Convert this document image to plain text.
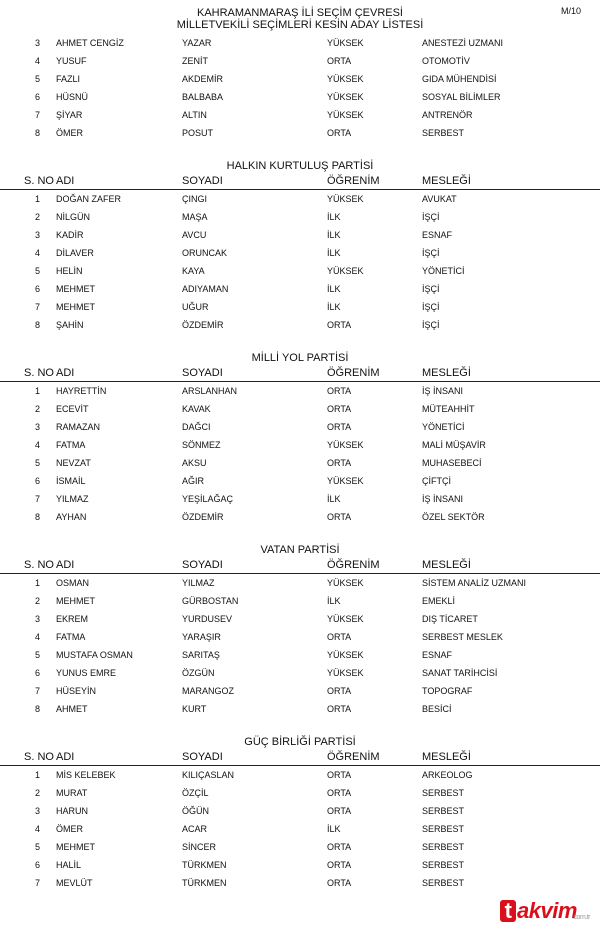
M/10
KAHRAMANMARAŞ İLİ SEÇİM ÇEVRESİ
MİLLETVEKİLİ SEÇİMLERİ KESİN ADAY LİSTESİ
3 AHMET CENGİZ	YAZAR	YÜKSEK	ANESTEZİ UZMANI
4 YUSUF	ZENİT	ORTA	OTOMOTİV
5 FAZLI	AKDEMİR	YÜKSEK	GIDA MÜHENDİSİ
6 HÜSNÜ	BALBABA	YÜKSEK	SOSYAL BİLİMLER
7 ŞİYAR	ALTIN	YÜKSEK	ANTRENÖR
8 ÖMER	POSUT	ORTA	SERBEST
HALKIN KURTULUŞ PARTİSİ
S. NO ADI	SOYADI	ÖĞRENİM	MESLEĞİ
1 DOĞAN ZAFER	ÇINGI	YÜKSEK	AVUKAT
2 NİLGÜN	MAŞA	İLK	İŞÇİ
3 KADİR	AVCU	İLK	ESNAF
4 DİLAVER	ORUNCAK	İLK	İŞÇİ
5 HELİN	KAYA	YÜKSEK	YÖNETİCİ
6 MEHMET	ADIYAMAN	İLK	İŞÇİ
7 MEHMET	UĞUR	İLK	İŞÇİ
8 ŞAHİN	ÖZDEMİR	ORTA	İŞÇİ
MİLLİ YOL PARTİSİ
S. NO ADI	SOYADI	ÖĞRENİM	MESLEĞİ
1 HAYRETTİN	ARSLANHAN	ORTA	İŞ İNSANI
2 ECEVİT	KAVAK	ORTA	MÜTEAHHİT
3 RAMAZAN	DAĞCI	ORTA	YÖNETİCİ
4 FATMA	SÖNMEZ	YÜKSEK	MALİ MÜŞAVİR
5 NEVZAT	AKSU	ORTA	MUHASEBECİ
6 İSMAİL	AĞIR	YÜKSEK	ÇİFTÇİ
7 YILMAZ	YEŞİLAĞAÇ	İLK	İŞ İNSANI
8 AYHAN	ÖZDEMİR	ORTA	ÖZEL SEKTÖR
VATAN PARTİSİ
S. NO ADI	SOYADI	ÖĞRENİM	MESLEĞİ
1 OSMAN	YILMAZ	YÜKSEK	SİSTEM ANALİZ UZMANI
2 MEHMET	GÜRBOSTAN	İLK	EMEKLİ
3 EKREM	YURDUSEV	YÜKSEK	DIŞ TİCARET
4 FATMA	YARAŞIR	ORTA	SERBEST MESLEK
5 MUSTAFA OSMAN	SARITAŞ	YÜKSEK	ESNAF
6 YUNUS EMRE	ÖZGÜN	YÜKSEK	SANAT TARİHCİSİ
7 HÜSEYİN	MARANGOZ	ORTA	TOPOGRAF
8 AHMET	KURT	ORTA	BESİCİ
GÜÇ BİRLİĞİ PARTİSİ
S. NO ADI	SOYADI	ÖĞRENİM	MESLEĞİ
1 MİS KELEBEK	KILIÇASLAN	ORTA	ARKEOLOG
2 MURAT	ÖZÇİL	ORTA	SERBEST
3 HARUN	ÖĞÜN	ORTA	SERBEST
4 ÖMER	ACAR	İLK	SERBEST
5 MEHMET	SİNCER	ORTA	SERBEST
6 HALİL	TÜRKMEN	ORTA	SERBEST
7 MEVLÜT	TÜRKMEN	ORTA	SERBEST
t akvim
.com.tr
